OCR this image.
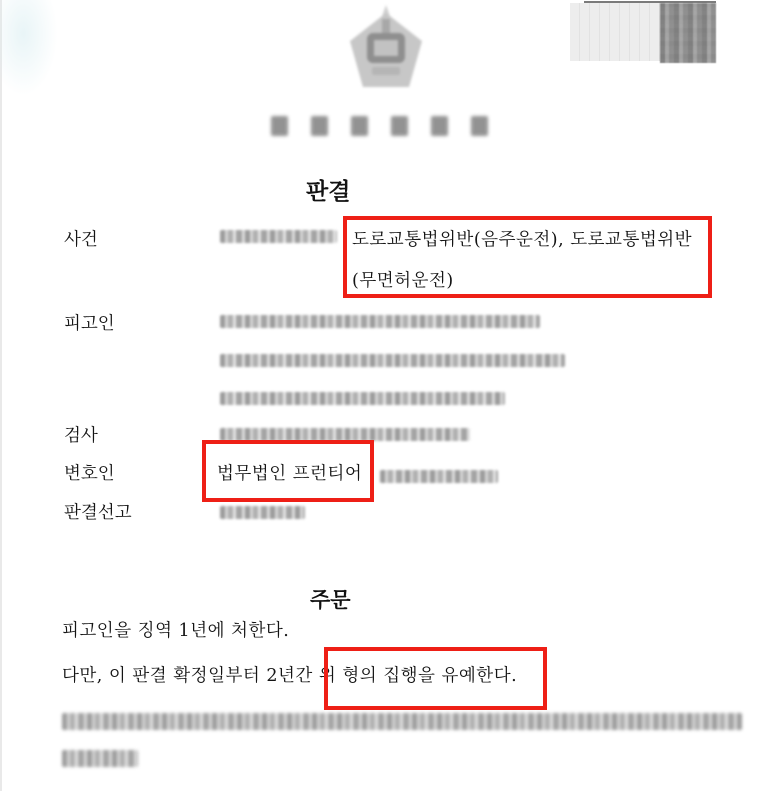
판결
사건	도로교통법위반(음주운전), 도로교통법위반(무면허운전)
피고인
검사
변호인	법무법인 프런티어
판결선고
주문
피고인을 징역 1년에 처한다.
다만, 이 판결 확정일부터 2년간 위 형의 집행을 유예한다.
